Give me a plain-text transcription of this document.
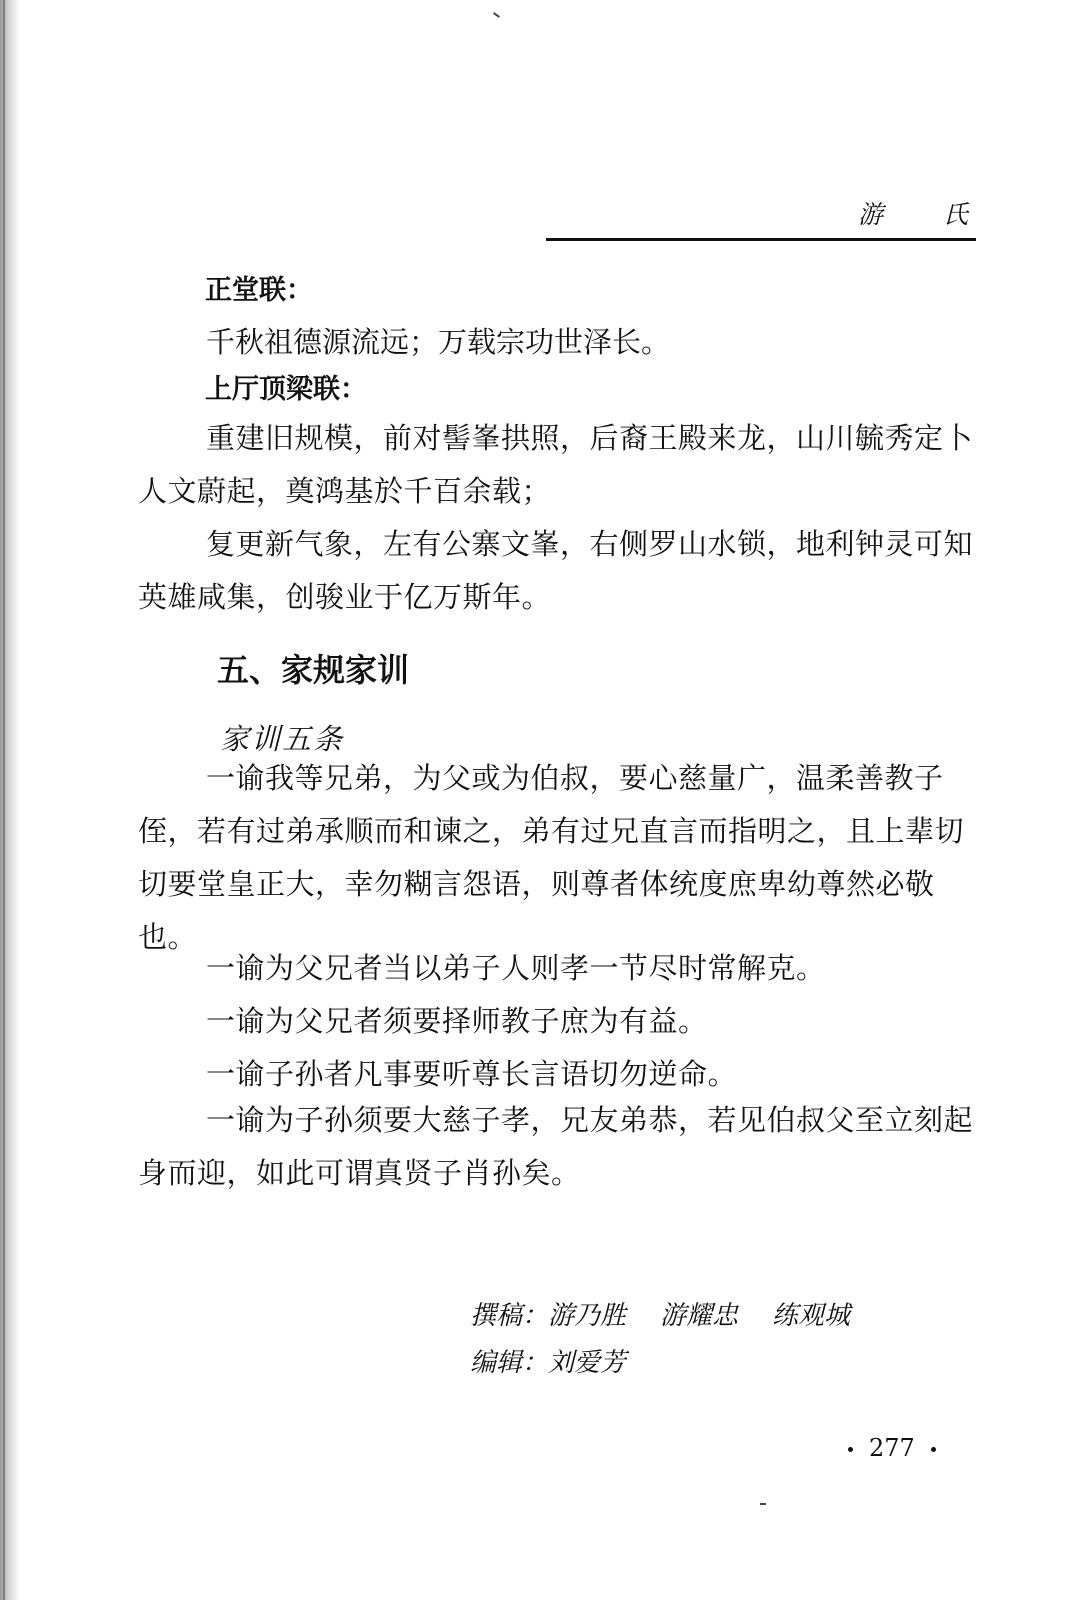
游 氏
正堂联：
千秋祖德源流远；万载宗功世泽长。
上厅顶梁联：

重建旧规模，前对髻峯拱照，后裔王殿来龙，山川毓秀定卜人文蔚起，奠鸿基於千百余载；

复更新气象，左有公寨文峯，右侧罗山水锁，地利钟灵可知英雄咸集，创骏业于亿万斯年。

五、家规家训
家训五条

一谕我等兄弟，为父或为伯叔，要心慈量广，温柔善教子侄，若有过弟承顺而和谏之，弟有过兄直言而指明之，且上辈切切要堂皇正大，幸勿糊言怨语，则尊者体统度庶卑幼尊然必敬也。

一谕为父兄者当以弟子人则孝一节尽时常解克。

一谕为父兄者须要择师教子庶为有益。

一谕子孙者凡事要听尊长言语切勿逆命。

一谕为子孙须要大慈子孝，兄友弟恭，若见伯叔父至立刻起身而迎，如此可谓真贤子肖孙矣。

撰稿：游乃胜 游耀忠 练观城
编辑：刘爱芳
277
